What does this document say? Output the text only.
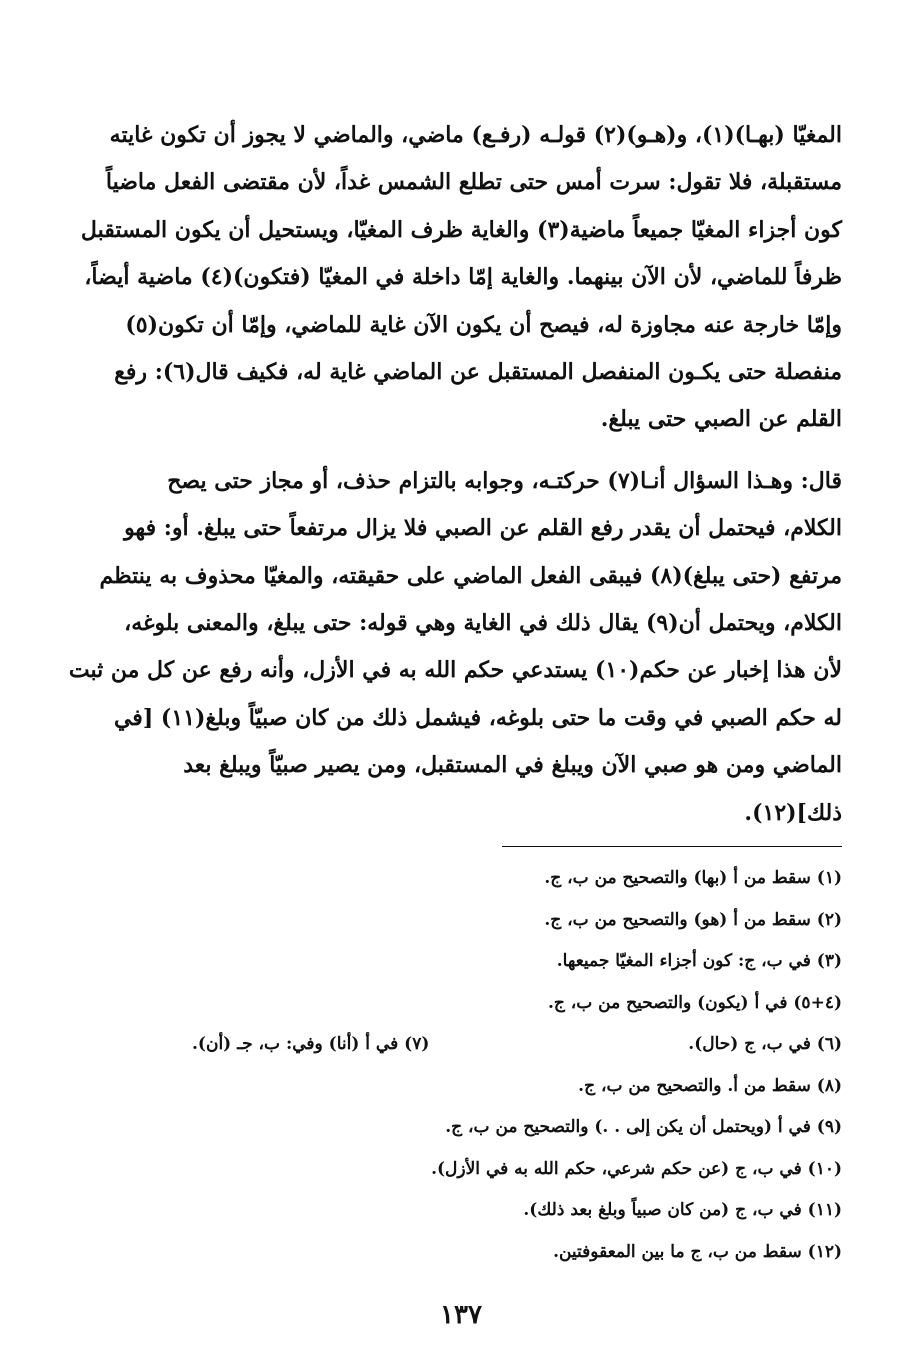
المغيّا (بهـا)(١)، و(هـو)(٢) قولـه (رفـع) ماضي، والماضي لا يجوز أن تكون غايته
مستقبلة، فلا تقول: سرت أمس حتى تطلع الشمس غداً، لأن مقتضى الفعل ماضياً
كون أجزاء المغيّا جميعاً ماضية(٣) والغاية ظرف المغيّا، ويستحيل أن يكون المستقبل
ظرفاً للماضي، لأن الآن بينهما. والغاية إمّا داخلة في المغيّا (فتكون)(٤) ماضية أيضاً،
وإمّا خارجة عنه مجاوزة له، فيصح أن يكون الآن غاية للماضي، وإمّا أن تكون(٥)
منفصلة حتى يكـون المنفصل المستقبل عن الماضي غاية له، فكيف قال(٦): رفع
القلم عن الصبي حتى يبلغ.

قال: وهـذا السؤال أنـا(٧) حركتـه، وجوابه بالتزام حذف، أو مجاز حتى يصح
الكلام، فيحتمل أن يقدر رفع القلم عن الصبي فلا يزال مرتفعاً حتى يبلغ. أو: فهو
مرتفع (حتى يبلغ)(٨) فيبقى الفعل الماضي على حقيقته، والمغيّا محذوف به ينتظم
الكلام، ويحتمل أن(٩) يقال ذلك في الغاية وهي قوله: حتى يبلغ، والمعنى بلوغه،
لأن هذا إخبار عن حكم(١٠) يستدعي حكم الله به في الأزل، وأنه رفع عن كل من ثبت
له حكم الصبي في وقت ما حتى بلوغه، فيشمل ذلك من كان صبيّاً وبلغ(١١) [في
الماضي ومن هو صبي الآن ويبلغ في المستقبل، ومن يصير صبيّاً ويبلغ بعد
ذلك](١٢).

(١) سقط من أ (بها) والتصحيح من ب، ج.
(٢) سقط من أ (هو) والتصحيح من ب، ج.
(٣) في ب، ج: كون أجزاء المغيّا جميعها.
(٤+٥) في أ (يكون) والتصحيح من ب، ج.
(٦) في ب، ج (حال).
(٧) في أ (أنا) وفي: ب، جـ (أن).
(٨) سقط من أ. والتصحيح من ب، ج.
(٩) في أ (ويحتمل أن يكن إلى . .) والتصحيح من ب، ج.
(١٠) في ب، ج (عن حكم شرعي، حكم الله به في الأزل).
(١١) في ب، ج (من كان صبياً وبلغ بعد ذلك).
(١٢) سقط من ب، ج ما بين المعقوفتين.
١٣٧
